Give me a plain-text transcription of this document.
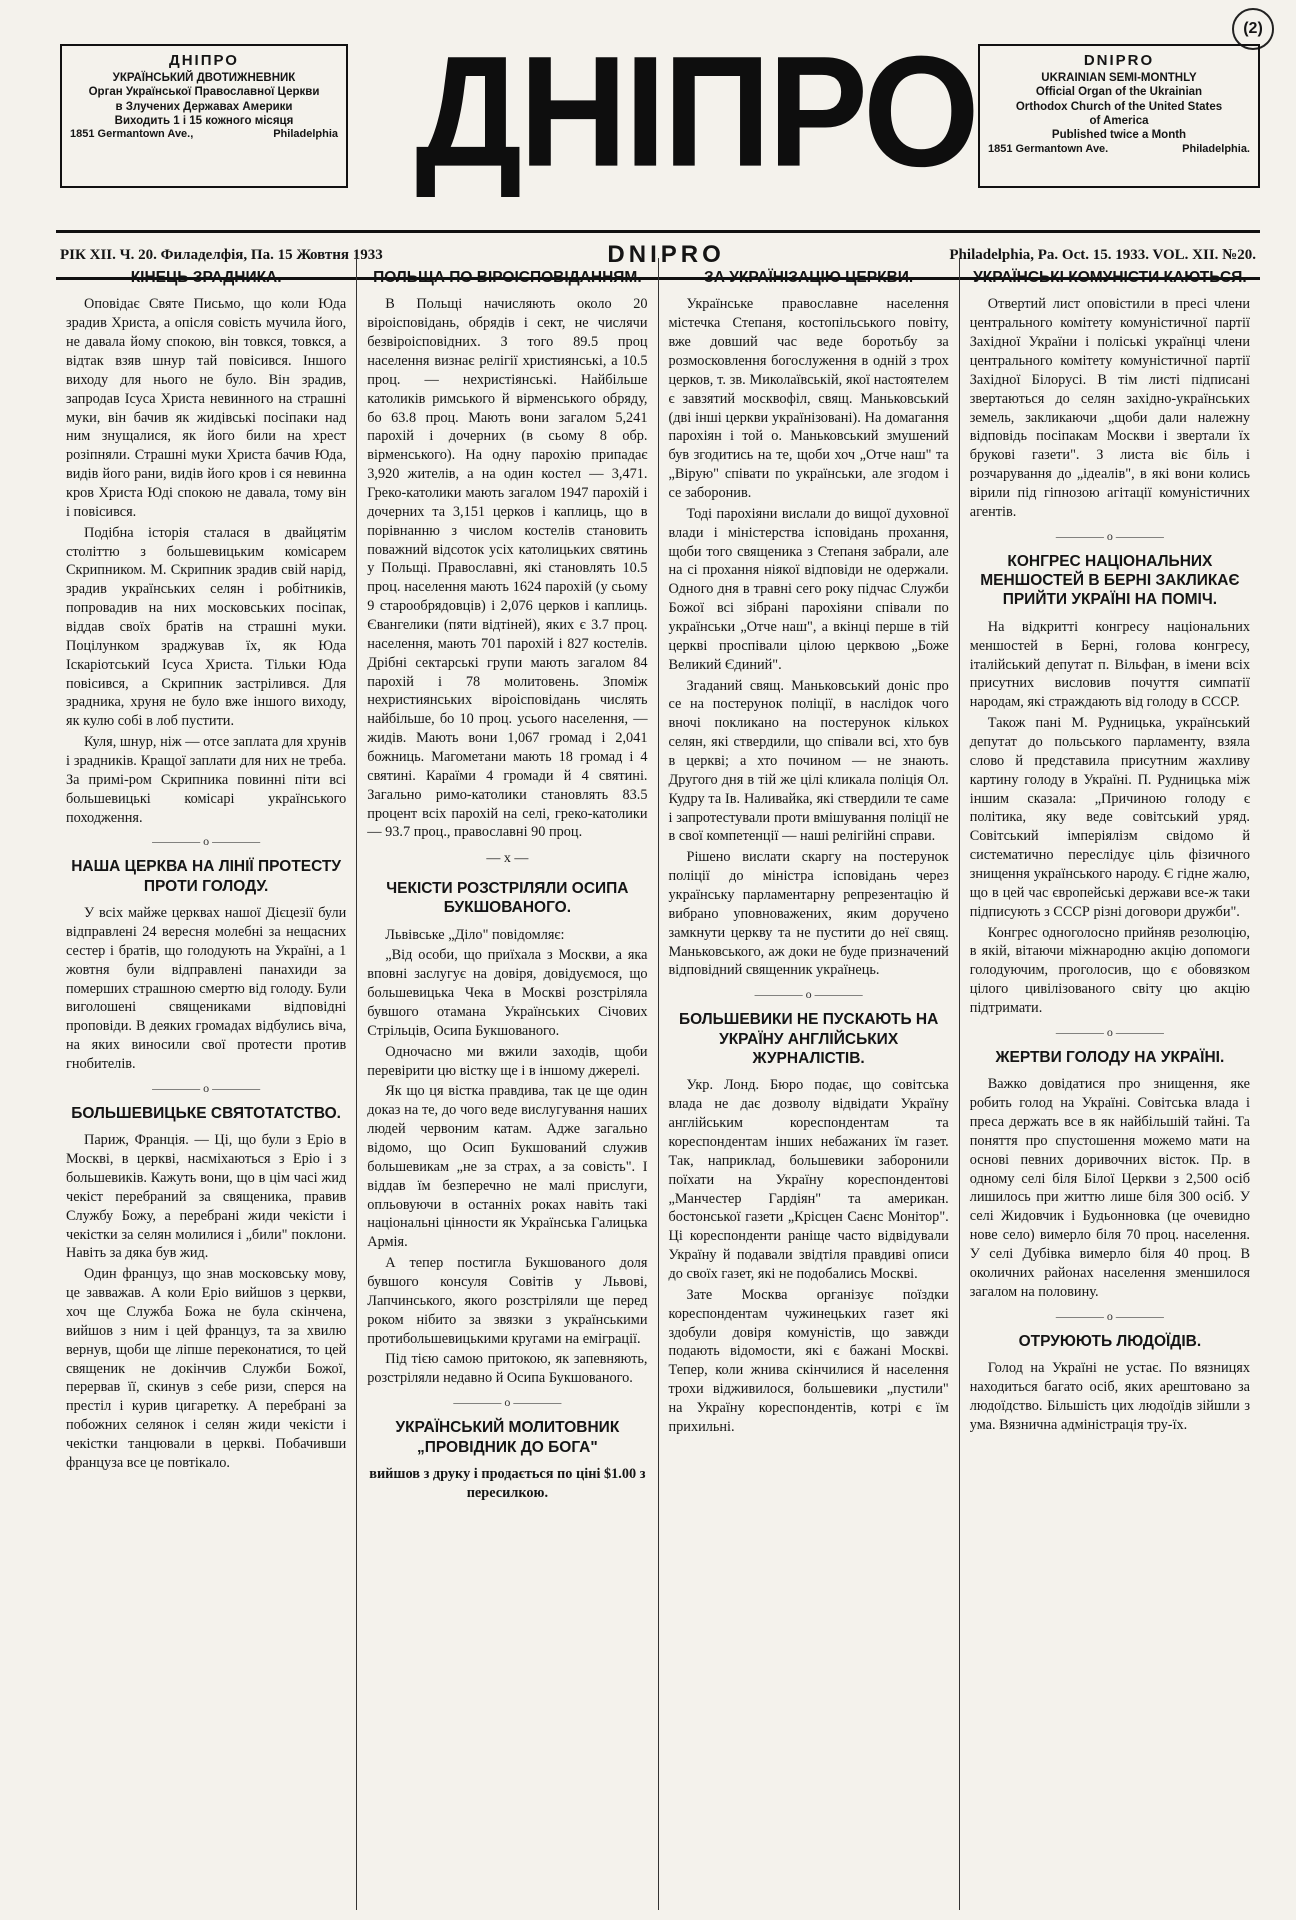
(2)
ДНІПРО
УКРАЇНСЬКИЙ ДВОТИЖНЕВНИК
Орган Української Православної Церкви
в Злучених Державах Америки
Виходить 1 і 15 кожного місяця
1851 Germantown Ave.,	Philadelphia ДНІПРО	DNIPRO
UKRAINIAN SEMI-MONTHLY
Official Organ of the Ukrainian
Orthodox Church of the United States
of America
Published twice a Month
1851 Germantown Ave.	Philadelphia.
РІК XII. Ч. 20. Филаделфія, Па. 15 Жовтня 1933	DNIPRO	Philadelphia, Pa. Oct. 15. 1933. VOL. XII. №20.
КІНЕЦЬ ЗРАДНИКА.

Оповідає Святе Письмо, що коли Юда зрадив Христа, а опісля совість мучила його, не давала йому спокою, він товкся, товкся, а відтак взяв шнур тай повісився. Іншого виходу для нього не було. Він зрадив, запродав Ісуса Христа невинного на страшні муки, він бачив як жидівські посіпаки над ним знущалися, як його били на хрест розіпняли. Страшні муки Христа бачив Юда, видів його рани, видів його кров і ся невинна кров Христа Юді спокою не давала, тому він і повісився.

Подібна історія сталася в двайцятім століттю з большевицьким комісарем Скрипником. М. Скрипник зрадив свій нарід, зрадив українських селян і робітників, попровадив на них московських посіпак, віддав своїх братів на страшні муки. Поцілунком зраджував їх, як Юда Іскаріотський Ісуса Христа. Тільки Юда повісився, а Скрипник застрілився. Для зрадника, хруня не було вже іншого виходу, як кулю собі в лоб пустити.

Куля, шнур, ніж — отсе заплата для хрунів і зрадників. Кращої заплати для них не треба. За примі-ром Скрипника повинні піти всі большевицькі комісарі українського походження.

———— o ————
НАША ЦЕРКВА НА ЛІНІЇ ПРОТЕСТУ ПРОТИ ГОЛОДУ.

У всіх майже церквах нашої Дієцезії були відправлені 24 вересня молебні за нещасних сестер і братів, що голодують на Україні, а 1 жовтня були відправлені панахиди за померших страшною смертю від голоду. Були виголошені священиками відповідні проповіди. В деяких громадах відбулись віча, на яких виносили свої протести против гнобителів.

———— o ————
БОЛЬШЕВИЦЬКЕ СВЯТОТАТСТВО.

Париж, Франція. — Ці, що були з Еріо в Москві, в церкві, насміхаються з Еріо і з большевиків. Кажуть вони, що в цім часі жид чекіст перебраний за священика, правив Службу Божу, а перебрані жиди чекісти і чекістки за селян молилися і „били" поклони. Навіть за дяка був жид.

Один француз, що знав московську мову, це завважав. А коли Еріо вийшов з церкви, хоч ще Служба Божа не була скінчена, вийшов з ним і цей француз, та за хвилю вернув, щоби ще ліпше переконатися, то цей священик не докінчив Служби Божої, перервав її, скинув з себе ризи, сперся на престіл і курив цигаретку. А перебрані за побожних селянок і селян жиди чекісти і чекістки танцювали в церкві. Побачивши француза все це повтікало.

ПОЛЬЩА ПО ВІРОІСПОВІДАННЯМ.

В Польщі начисляють около 20 віроісповідань, обрядів і сект, не числячи безвіроісповідних. З того 89.5 проц населення визнає релігії християнські, а 10.5 проц. — нехристіянські. Найбільше католиків римського й вірменського обряду, бо 63.8 проц. Мають вони загалом 5,241 парохій і дочерних (в сьому 8 обр. вірменського). На одну парохію припадає 3,920 жителів, а на один костел — 3,471. Греко-католики мають загалом 1947 парохій і дочерних та 3,151 церков і каплиць, що в порівнанню з числом костелів становить поважний відсоток усіх католицьких святинь у Польщі. Православні, які становлять 10.5 проц. населення мають 1624 парохій (у сьому 9 старообрядовців) і 2,076 церков і каплиць. Євангелики (пяти відтіней), яких є 3.7 проц. населення, мають 701 парохій і 827 костелів. Дрібні сектарські групи мають загалом 84 парохій і 78 молитовень. Зпоміж нехристиянських віроісповідань числять найбільше, бо 10 проц. усього населення, — жидів. Мають вони 1,067 громад і 2,041 божниць. Магометани мають 18 громад і 4 святині. Караїми 4 громади й 4 святині. Загально римо-католики становлять 83.5 процент всіх парохій на селі, греко-католики — 93.7 проц., православні 90 проц.

— x —
ЧЕКІСТИ РОЗСТРІЛЯЛИ ОСИПА БУКШОВАНОГО.

Львівське „Діло" повідомляє:

„Від особи, що приїхала з Москви, а яка вповні заслугує на довіря, довідуємося, що большевицька Чека в Москві розстріляла бувшого отамана Українських Січових Стрільців, Осипа Букшованого.

Одночасно ми вжили заходів, щоби перевірити цю вістку ще і в іншому джерелі.

Як що ця вістка правдива, так це ще один доказ на те, до чого веде вислугування наших людей червоним катам. Адже загально відомо, що Осип Букшований служив большевикам „не за страх, а за совість". І віддав їм безперечно не малі прислуги, опльовуючи в останніх роках навіть такі національні цінности як Українська Галицька Армія.

А тепер постигла Букшованого доля бувшого консуля Совітів у Львові, Лапчинського, якого розстріляли ще перед роком нібито за звязки з українськими протибольшевицькими кругами на еміграції.

Під тією самою притокою, як запевняють, розстріляли недавно й Осипа Букшованого.

———— o ————
УКРАЇНСЬКИЙ МОЛИТОВНИК „ПРОВІДНИК ДО БОГА"

вийшов з друку і продається по ціні $1.00 з пересилкою.

ЗА УКРАЇНІЗАЦІЮ ЦЕРКВИ.

Українське православне населення містечка Степаня, костопільського повіту, вже довший час веде боротьбу за розмосковлення богослуження в одній з трох церков, т. зв. Миколаївській, якої настоятелем є завзятий москвофіл, свящ. Маньковський (дві інші церкви українізовані). На домагання парохіян і той о. Маньковський змушений був згодитись на те, щоби хоч „Отче наш" та „Вірую" співати по українськи, але згодом і се заборонив.

Тоді парохіяни вислали до вищої духовної влади і міністерства ісповідань прохання, щоби того священика з Степаня забрали, але на сі прохання ніякої відповіди не одержали. Одного дня в травні сего року підчас Служби Божої всі зібрані парохіяни співали по українськи „Отче наш", а вкінці перше в тій церкві проспівали цілою церквою „Боже Великий Єдиний".

Згаданий свящ. Маньковський доніс про се на постерунок поліції, в наслідок чого вночі покликано на постерунок кількох селян, які ствердили, що співали всі, хто був в церкві; а хто почином — не знають. Другого дня в тій же цілі кликала поліція Ол. Кудру та Ів. Наливайка, які ствердили те саме і запротестували проти вмішування поліції не в свої компетенції — наші релігійні справи.

Рішено вислати скаргу на постерунок поліції до міністра ісповідань через українську парламентарну репрезентацію й вибрано уповноважених, яким доручено замкнути церкву та не пустити до неї свящ. Маньковського, аж доки не буде призначений відповідний священник українець.

———— o ————
БОЛЬШЕВИКИ НЕ ПУСКАЮТЬ НА УКРАЇНУ АНГЛІЙСЬКИХ ЖУРНАЛІСТІВ.

Укр. Лонд. Бюро подає, що совітська влада не дає дозволу відвідати Україну англійським кореспондентам та кореспондентам інших небажаних їм газет. Так, наприклад, большевики заборонили поїхати на Україну кореспондентові „Манчестер Гардіян" та американ. бостонської газети „Крісцен Саєнс Монітор". Ці кореспонденти раніще часто відвідували Україну й подавали звідтіля правдиві описи до своїх газет, які не подобались Москві.

Зате Москва організує поїздки кореспондентам чужинецьких газет які здобули довіря комуністів, що завжди подають відомости, які є бажані Москві. Тепер, коли жнива скінчилися й населення трохи відживилося, большевики „пустили" на Україну кореспондентів, котрі є їм прихильні.

УКРАЇНСЬКІ КОМУНІСТИ КАЮТЬСЯ.

Отвертий лист оповістили в пресі члени центрального комітету комуністичної партії Західної України і поліські українці члени центрального комітету комуністичної партії Західної Білорусі. В тім листі підписані звертаються до селян західно-українських земель, закликаючи „щоби дали належну відповідь посіпакам Москви і звертали їх брукові газети". З листа віє біль і розчарування до „ідеалів", в які вони колись вірили під гіпнозою агітації комуністичних агентів.

———— o ————
КОНГРЕС НАЦІОНАЛЬНИХ МЕНШОСТЕЙ В БЕРНІ ЗАКЛИКАЄ ПРИЙТИ УКРАЇНІ НА ПОМІЧ.

На відкритті конгресу національних меншостей в Берні, голова конгресу, італійський депутат п. Вільфан, в імени всіх присутних висловив почуття симпатії народам, які страждають від голоду в СССР.

Також пані М. Рудницька, український депутат до польського парламенту, взяла слово й представила присутним жахливу картину голоду в Україні. П. Рудницька між іншим сказала: „Причиною голоду є політика, яку веде совітський уряд. Совітський імперіялізм свідомо й систематично переслідує ціль фізичного знищення українського народу. Є гідне жалю, що в цей час європейські держави все-ж таки підписують з СССР різні договори дружби".

Конгрес одноголосно прийняв резолюцію, в якій, вітаючи міжнародню акцію допомоги голодуючим, проголосив, що є обовязком цілого цивілізованого світу цю акцію підтримати.

———— o ————
ЖЕРТВИ ГОЛОДУ НА УКРАЇНІ.

Важко довідатися про знищення, яке робить голод на Україні. Совітська влада і преса держать все в як найбільшій тайні. Та поняття про спустошення можемо мати на основі певних доривочних вісток. Пр. в одному селі біля Білої Церкви з 2,500 осіб лишилось при життю лише біля 300 осіб. У селі Жидовчик і Будьонновка (це очевидно нове село) вимерло біля 70 проц. населення. У селі Дубівка вимерло біля 40 проц. В околичних районах населення зменшилося загалом на половину.

———— o ————
ОТРУЮЮТЬ ЛЮДОЇДІВ.

Голод на Україні не устає. По вязницях находиться багато осіб, яких арештовано за людоїдство. Більшість цих людоїдів зійшли з ума. Вязнична адміністрація тру-їх.
